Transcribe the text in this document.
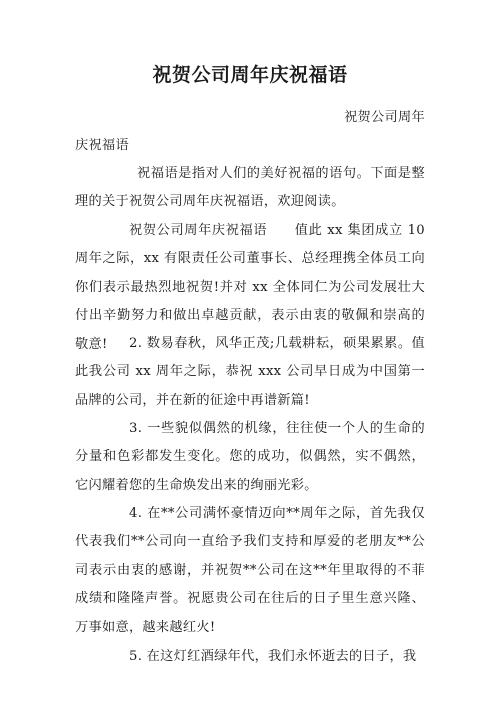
祝贺公司周年庆祝福语
祝贺公司周年
庆祝福语

祝福语是指对人们的美好祝福的语句。下面是整理的关于祝贺公司周年庆祝福语，欢迎阅读。

祝贺公司周年庆祝福语　　值此 xx 集团成立 10 周年之际，xx 有限责任公司董事长、总经理携全体员工向你们表示最热烈地祝贺!并对 xx 全体同仁为公司发展壮大付出辛勤努力和做出卓越贡献，表示由衷的敬佩和崇高的敬意!	2. 数易春秋，风华正茂;几载耕耘，硕果累累。值此我公司 xx 周年之际，恭祝 xxx 公司早日成为中国第一品牌的公司，并在新的征途中再谱新篇!

3. 一些貌似偶然的机缘，往往使一个人的生命的分量和色彩都发生变化。您的成功，似偶然，实不偶然，它闪耀着您的生命焕发出来的绚丽光彩。

4. 在**公司满怀豪情迈向**周年之际，首先我仅代表我们**公司向一直给予我们支持和厚爱的老朋友**公司表示由衷的感谢，并祝贺**公司在这**年里取得的不菲成绩和隆隆声誉。祝愿贵公司在往后的日子里生意兴隆、万事如意，越来越红火!

5. 在这灯红酒绿年代，我们永怀逝去的日子，我
